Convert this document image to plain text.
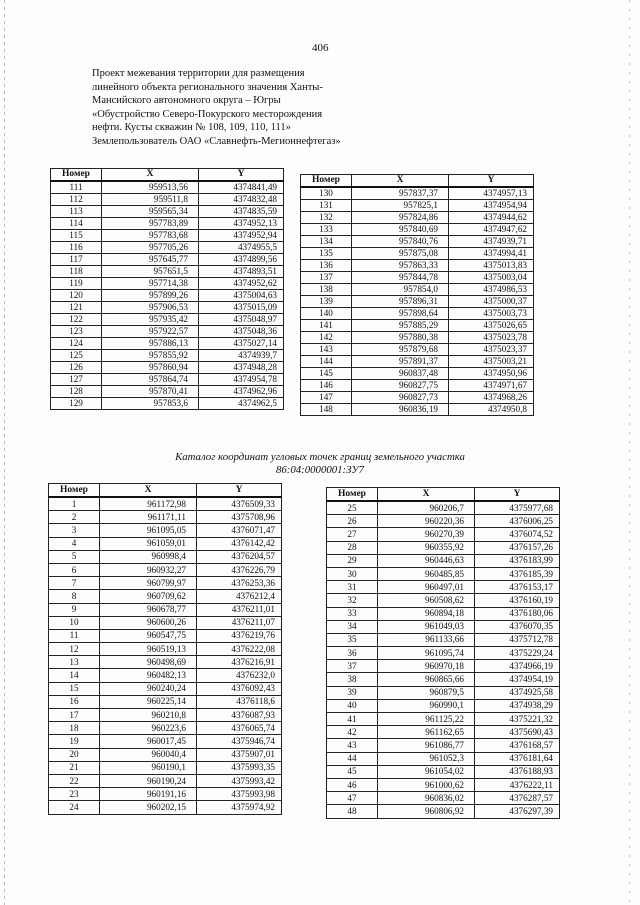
406
Проект межевания территории для размещения
линейного объекта регионального значения Ханты-
Мансийского автономного округа – Югры
«Обустройство Северо-Покурского месторождения
нефти. Кусты скважин № 108, 109, 110, 111»
Землепользователь ОАО «Славнефть-Мегионнефтегаз»
Номер	X	Y
111	959513,56	4374841,49
112	959511,8	4374832,48
113	959565,34	4374835,59
114	957783,89	4374952,13
115	957783,68	4374952,94
116	957705,26	4374955,5
117	957645,77	4374899,56
118	957651,5	4374893,51
119	957714,38	4374952,62
120	957899,26	4375004,63
121	957906,53	4375015,09
122	957935,42	4375048,97
123	957922,57	4375048,36
124	957886,13	4375027,14
125	957855,92	4374939,7
126	957860,94	4374948,28
127	957864,74	4374954,78
128	957870,41	4374962,96
129	957853,6	4374962,5
Номер	X	Y
130	957837,37	4374957,13
131	957825,1	4374954,94
132	957824,86	4374944,62
133	957840,69	4374947,62
134	957840,76	4374939,71
135	957875,08	4374994,41
136	957863,33	4375013,83
137	957844,78	4375003,04
138	957854,0	4374986,53
139	957896,31	4375000,37
140	957898,64	4375003,73
141	957885,29	4375026,65
142	957880,38	4375023,78
143	957879,68	4375023,37
144	957891,37	4375003,21
145	960837,48	4374950,96
146	960827,75	4374971,67
147	960827,73	4374968,26
148	960836,19	4374950,8
Каталог координат угловых точек границ земельного участка
86:04:0000001:ЗУ7
Номер	X	Y
1	961172,98	4376509,33
2	961171,11	4375708,96
3	961095,05	4376071,47
4	961059,01	4376142,42
5	960998,4	4376204,57
6	960932,27	4376226,79
7	960799,97	4376253,36
8	960709,62	4376212,4
9	960678,77	4376211,01
10	960600,26	4376211,07
11	960547,75	4376219,76
12	960519,13	4376222,08
13	960498,69	4376216,91
14	960482,13	4376232,0
15	960240,24	4376092,43
16	960225,14	4376118,6
17	960210,8	4376087,93
18	960223,6	4376065,74
19	960017,45	4375946,74
20	960040,4	4375907,01
21	960190,1	4375993,35
22	960190,24	4375993,42
23	960191,16	4375993,98
24	960202,15	4375974,92
Номер	X	Y
25	960206,7	4375977,68
26	960220,36	4376006,25
27	960270,39	4376074,52
28	960355,92	4376157,26
29	960446,63	4376183,99
30	960485,85	4376185,39
31	960497,01	4376153,17
32	960508,62	4376160,19
33	960894,18	4376180,06
34	961049,03	4376070,35
35	961133,66	4375712,78
36	961095,74	4375229,24
37	960970,18	4374966,19
38	960865,66	4374954,19
39	960879,5	4374925,58
40	960990,1	4374938,29
41	961125,22	4375221,32
42	961162,65	4375690,43
43	961086,77	4376168,57
44	961052,3	4376181,64
45	961054,02	4376188,93
46	961000,62	4376222,11
47	960836,02	4376287,57
48	960806,92	4376297,39
